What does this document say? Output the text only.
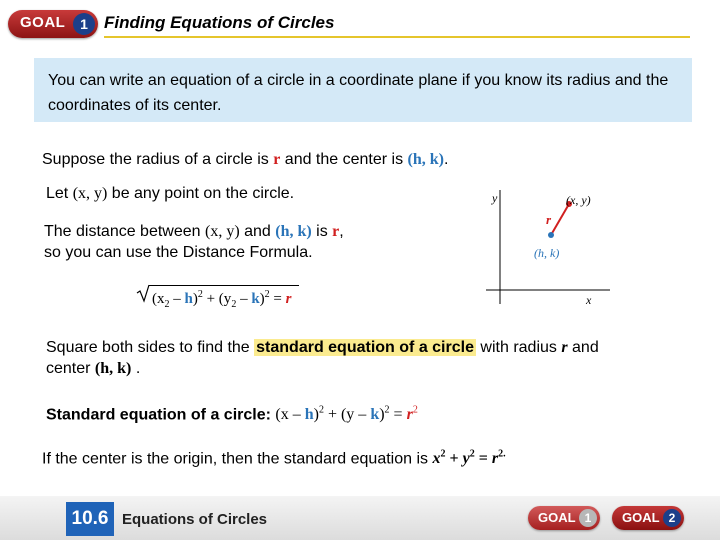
GOAL	1 Finding Equations of Circles
You can write an equation of a circle in a coordinate plane if you know its radius and the coordinates of its center.
Suppose the radius of a circle is r and the center is (h, k).
Let (x, y) be any point on the circle.
The distance between (x, y) and (h, k) is r,
so you can use the Distance Formula.
$(x_2 - h)^2 + (y_2 - k)^2 = r$
y
x
(x, y)
r
(h, k)
Square both sides to find the standard equation of a circle with radius r and
center (h, k) .
Standard equation of a circle: $(x - h)^2 + (y - k)^2 = r^2$
If the center is the origin, then the standard equation is $x^2 + y^2 = r^{2.}$
10.6 Equations of Circles	GOAL 1	GOAL 2
